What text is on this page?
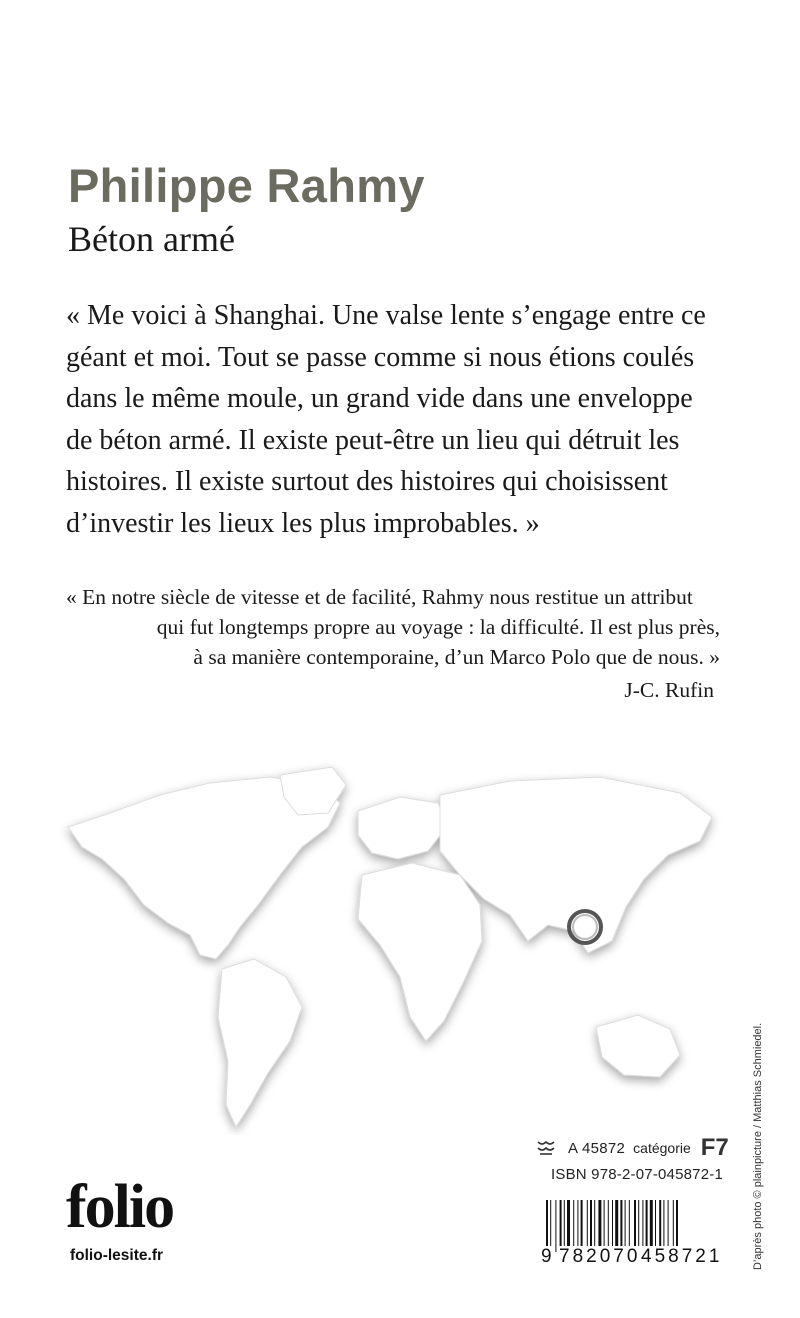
Philippe Rahmy
Béton armé
« Me voici à Shanghai. Une valse lente s’engage entre ce
géant et moi. Tout se passe comme si nous étions coulés
dans le même moule, un grand vide dans une enveloppe
de béton armé. Il existe peut-être un lieu qui détruit les
histoires. Il existe surtout des histoires qui choisissent
d’investir les lieux les plus improbables. »
« En notre siècle de vitesse et de facilité, Rahmy nous restitue un attribut
qui fut longtemps propre au voyage : la difficulté. Il est plus près,
à sa manière contemporaine, d’un Marco Polo que de nous. »
J-C. Rufin
A 45872 catégorie F7
ISBN 978-2-07-045872-1
9 782070 458721
folio
folio-lesite.fr	D’après photo © plainpicture / Matthias Schmiedel.
